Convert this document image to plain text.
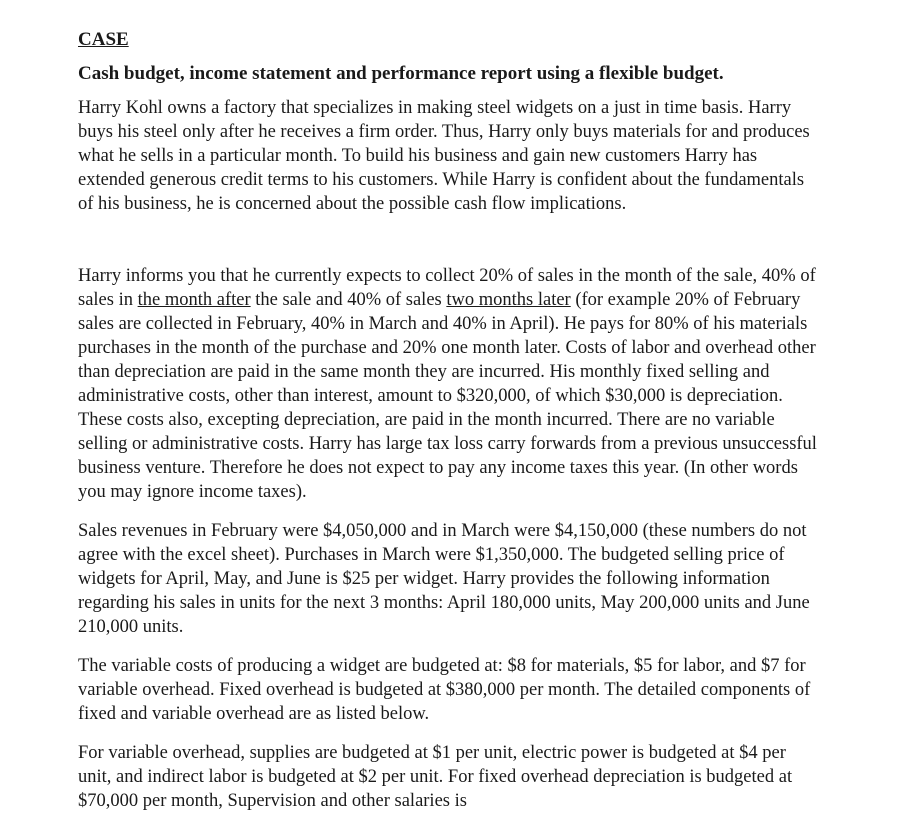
CASE
Cash budget, income statement and performance report using a flexible budget.

Harry Kohl owns a factory that specializes in making steel widgets on a just in time basis. Harry buys his steel only after he receives a firm order. Thus, Harry only buys materials for and produces what he sells in a particular month. To build his business and gain new customers Harry has extended generous credit terms to his customers. While Harry is confident about the fundamentals of his business, he is concerned about the possible cash flow implications.

Harry informs you that he currently expects to collect 20% of sales in the month of the sale, 40% of sales in the month after the sale and 40% of sales two months later (for example 20% of February sales are collected in February, 40% in March and 40% in April). He pays for 80% of his materials purchases in the month of the purchase and 20% one month later. Costs of labor and overhead other than depreciation are paid in the same month they are incurred. His monthly fixed selling and administrative costs, other than interest, amount to $320,000, of which $30,000 is depreciation. These costs also, excepting depreciation, are paid in the month incurred. There are no variable selling or administrative costs. Harry has large tax loss carry forwards from a previous unsuccessful business venture. Therefore he does not expect to pay any income taxes this year. (In other words you may ignore income taxes).

Sales revenues in February were $4,050,000 and in March were $4,150,000 (these numbers do not agree with the excel sheet). Purchases in March were $1,350,000. The budgeted selling price of widgets for April, May, and June is $25 per widget. Harry provides the following information regarding his sales in units for the next 3 months: April 180,000 units, May 200,000 units and June 210,000 units.

The variable costs of producing a widget are budgeted at: $8 for materials, $5 for labor, and $7 for variable overhead. Fixed overhead is budgeted at $380,000 per month. The detailed components of fixed and variable overhead are as listed below.

For variable overhead, supplies are budgeted at $1 per unit, electric power is budgeted at $4 per unit, and indirect labor is budgeted at $2 per unit. For fixed overhead depreciation is budgeted at $70,000 per month, Supervision and other salaries is
